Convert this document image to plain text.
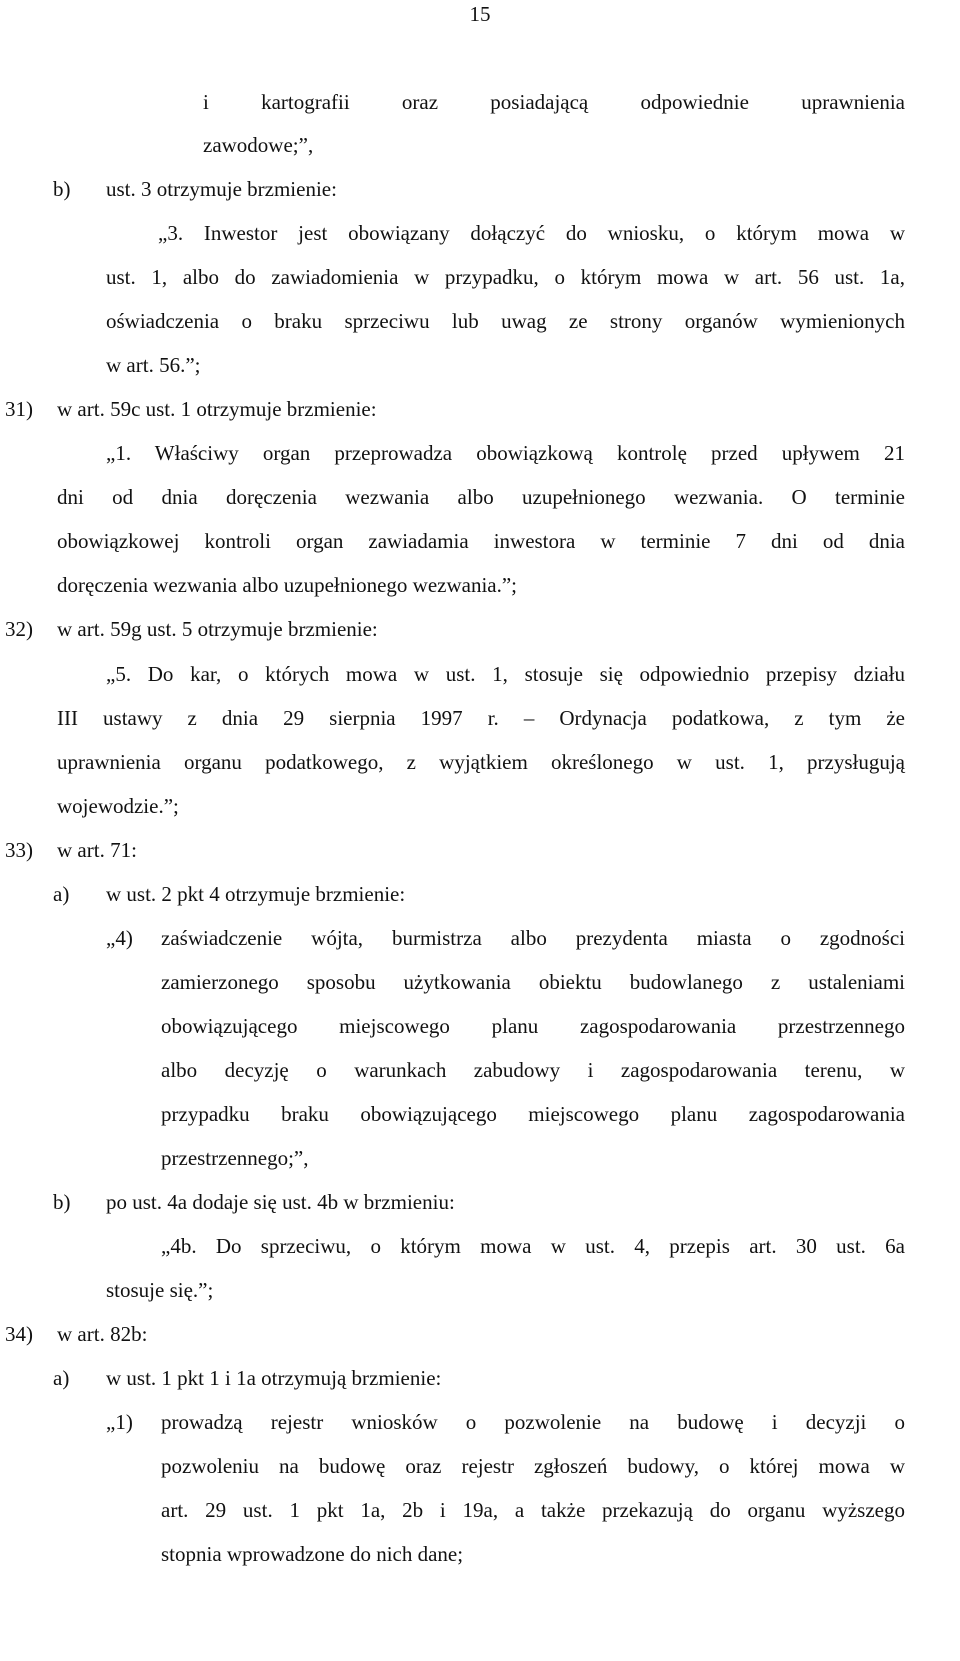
15
i kartografii oraz posiadającą odpowiednie uprawnienia
zawodowe;”,
b) ust. 3 otrzymuje brzmienie:
„3. Inwestor jest obowiązany dołączyć do wniosku, o którym mowa w
ust. 1, albo do zawiadomienia w przypadku, o którym mowa w art. 56 ust. 1a,
oświadczenia o braku sprzeciwu lub uwag ze strony organów wymienionych
w art. 56.”;
31) w art. 59c ust. 1 otrzymuje brzmienie:
„1. Właściwy organ przeprowadza obowiązkową kontrolę przed upływem 21
dni od dnia doręczenia wezwania albo uzupełnionego wezwania. O terminie
obowiązkowej kontroli organ zawiadamia inwestora w terminie 7 dni od dnia
doręczenia wezwania albo uzupełnionego wezwania.”;
32) w art. 59g ust. 5 otrzymuje brzmienie:
„5. Do kar, o których mowa w ust. 1, stosuje się odpowiednio przepisy działu
III ustawy z dnia 29 sierpnia 1997 r. – Ordynacja podatkowa, z tym że
uprawnienia organu podatkowego, z wyjątkiem określonego w ust. 1, przysługują
wojewodzie.”;
33) w art. 71:
a) w ust. 2 pkt 4 otrzymuje brzmienie:
„4) zaświadczenie wójta, burmistrza albo prezydenta miasta o zgodności
zamierzonego sposobu użytkowania obiektu budowlanego z ustaleniami
obowiązującego miejscowego planu zagospodarowania przestrzennego
albo decyzję o warunkach zabudowy i zagospodarowania terenu, w
przypadku braku obowiązującego miejscowego planu zagospodarowania
przestrzennego;”,
b) po ust. 4a dodaje się ust. 4b w brzmieniu:
„4b. Do sprzeciwu, o którym mowa w ust. 4, przepis art. 30 ust. 6a
stosuje się.”;
34) w art. 82b:
a) w ust. 1 pkt 1 i 1a otrzymują brzmienie:
„1) prowadzą rejestr wniosków o pozwolenie na budowę i decyzji o
pozwoleniu na budowę oraz rejestr zgłoszeń budowy, o której mowa w
art. 29 ust. 1 pkt 1a, 2b i 19a, a także przekazują do organu wyższego
stopnia wprowadzone do nich dane;
